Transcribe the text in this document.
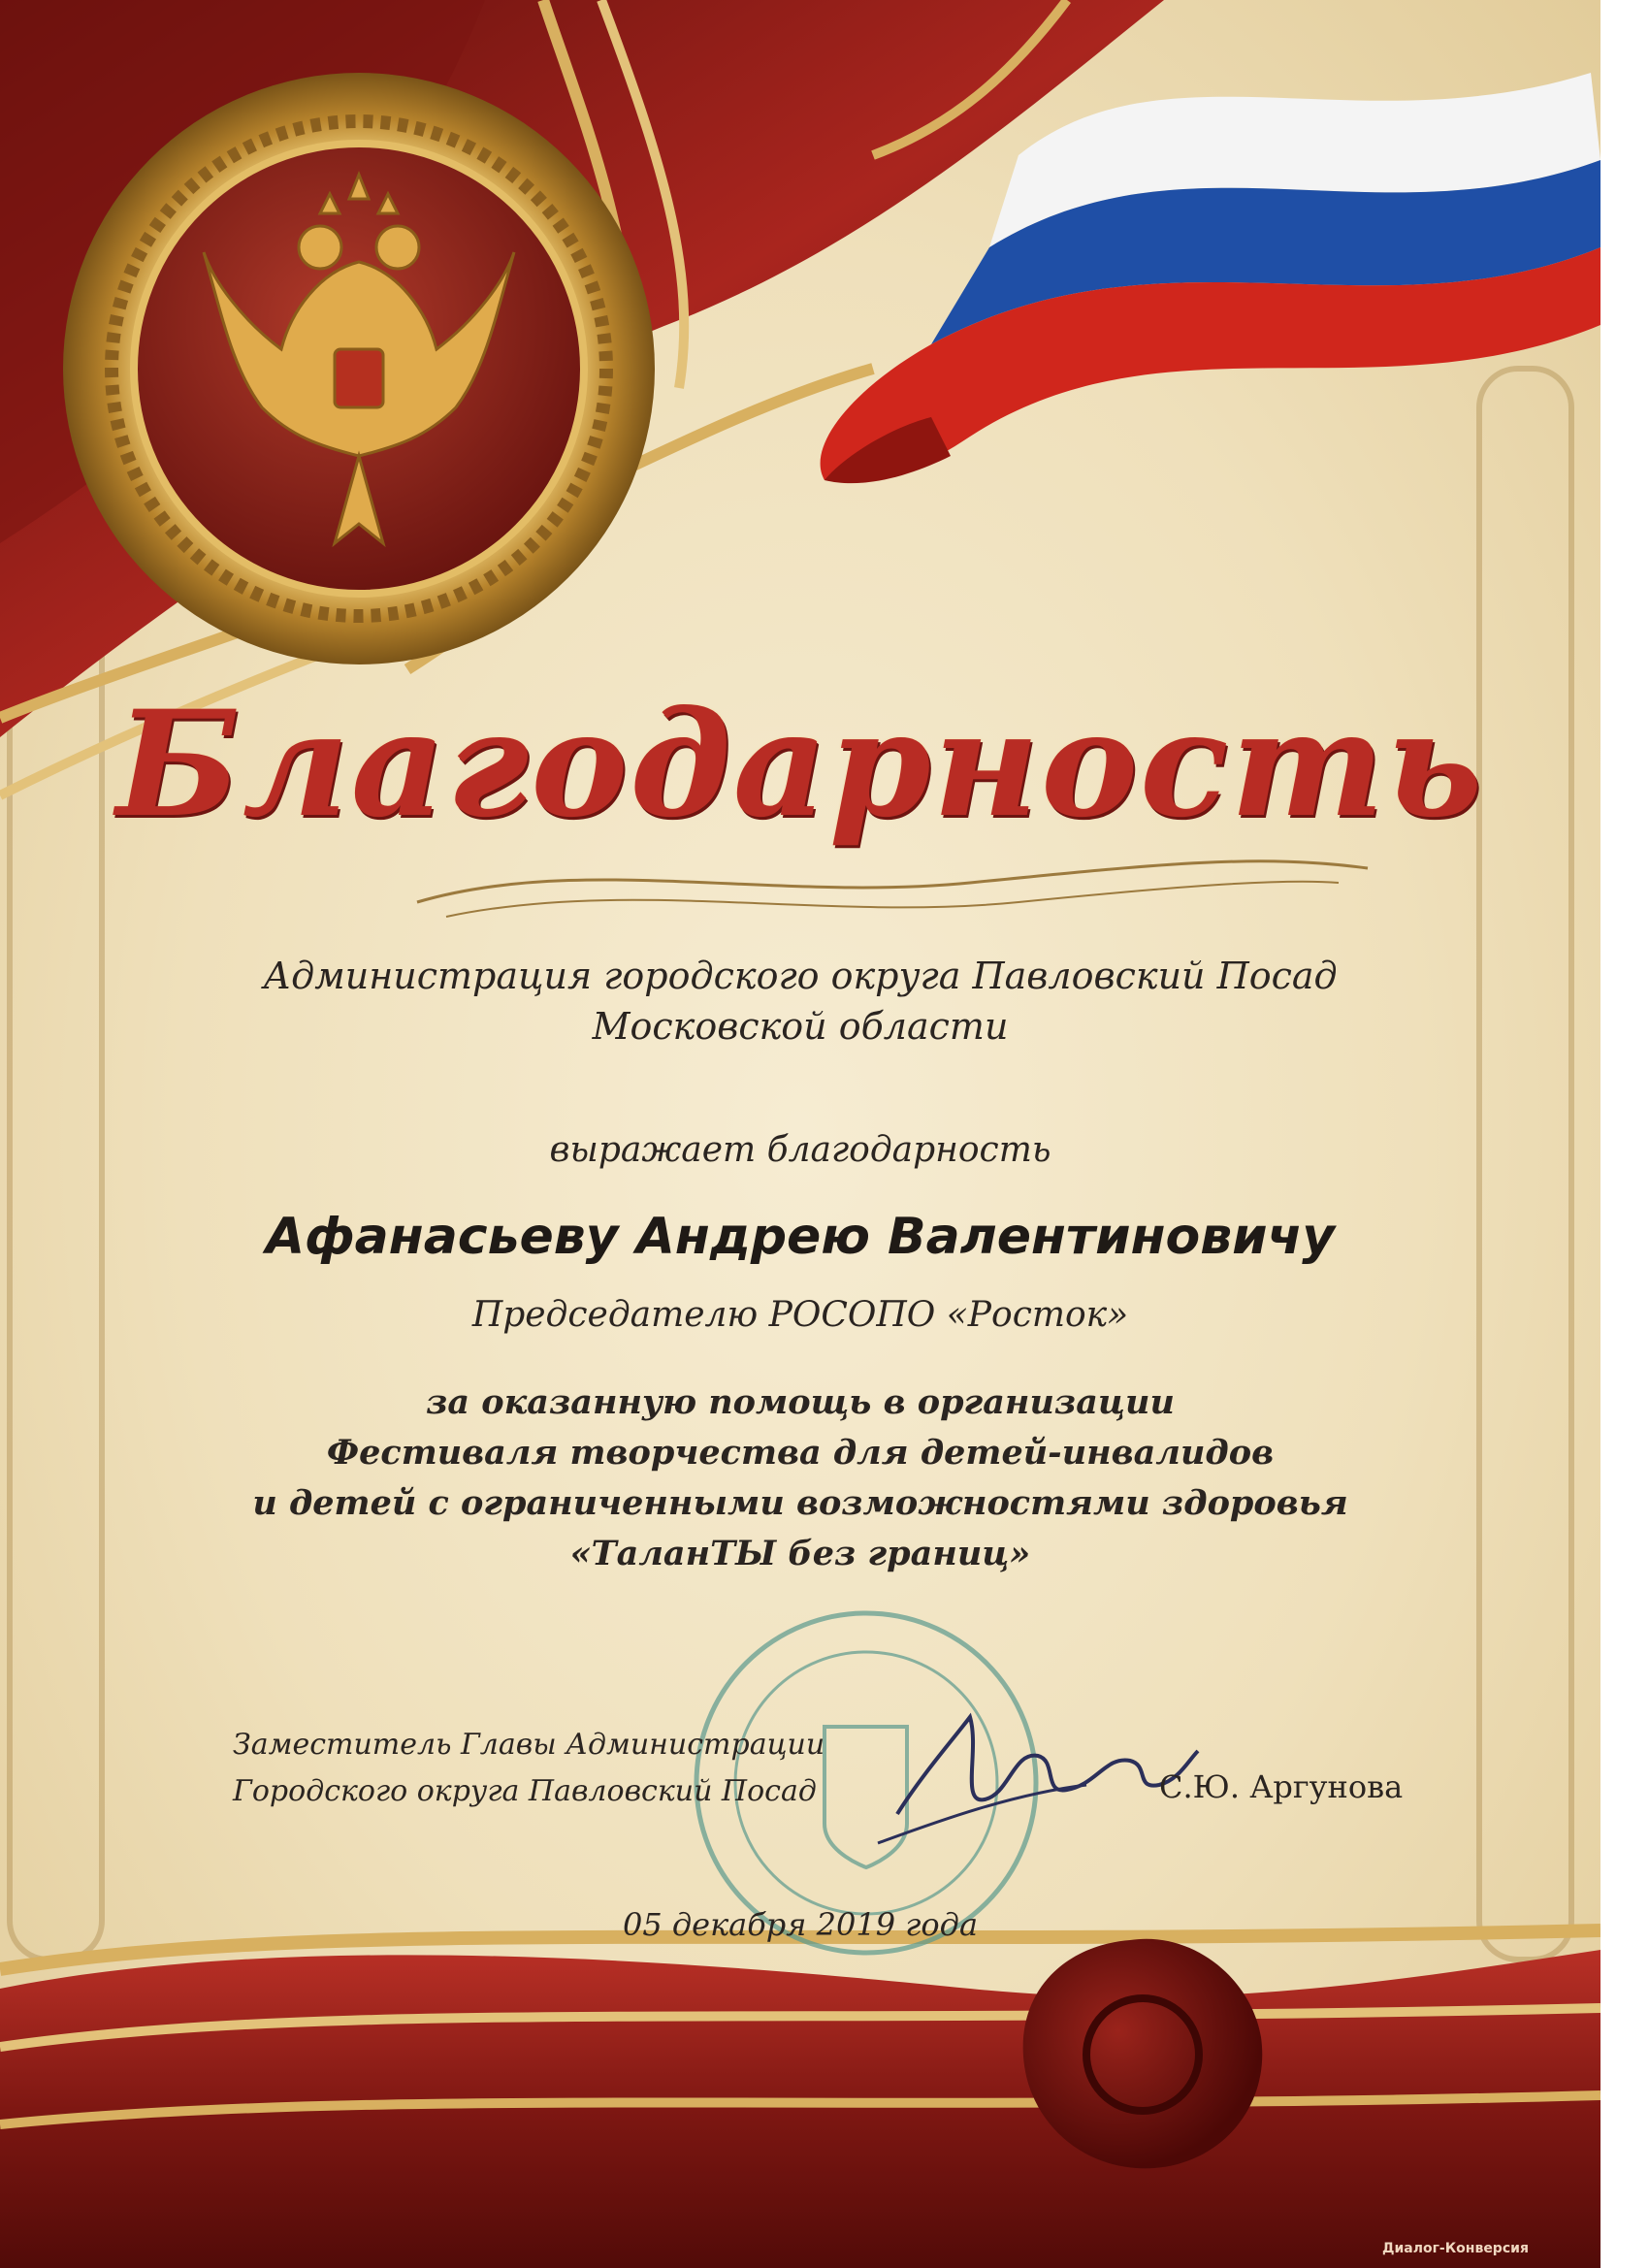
Благодарность
Администрация городского округа Павловский Посад
Московской области
выражает благодарность
Афанасьеву Андрею Валентиновичу
Председателю РОСОПО «Росток»
за оказанную помощь в организации
Фестиваля творчества для детей-инвалидов
и детей с ограниченными возможностями здоровья
«ТаланТЫ без границ»
Заместитель Главы Администрации
Городского округа Павловский Посад	С.Ю. Аргунова
05 декабря 2019 года
Диалог-Конверсия
